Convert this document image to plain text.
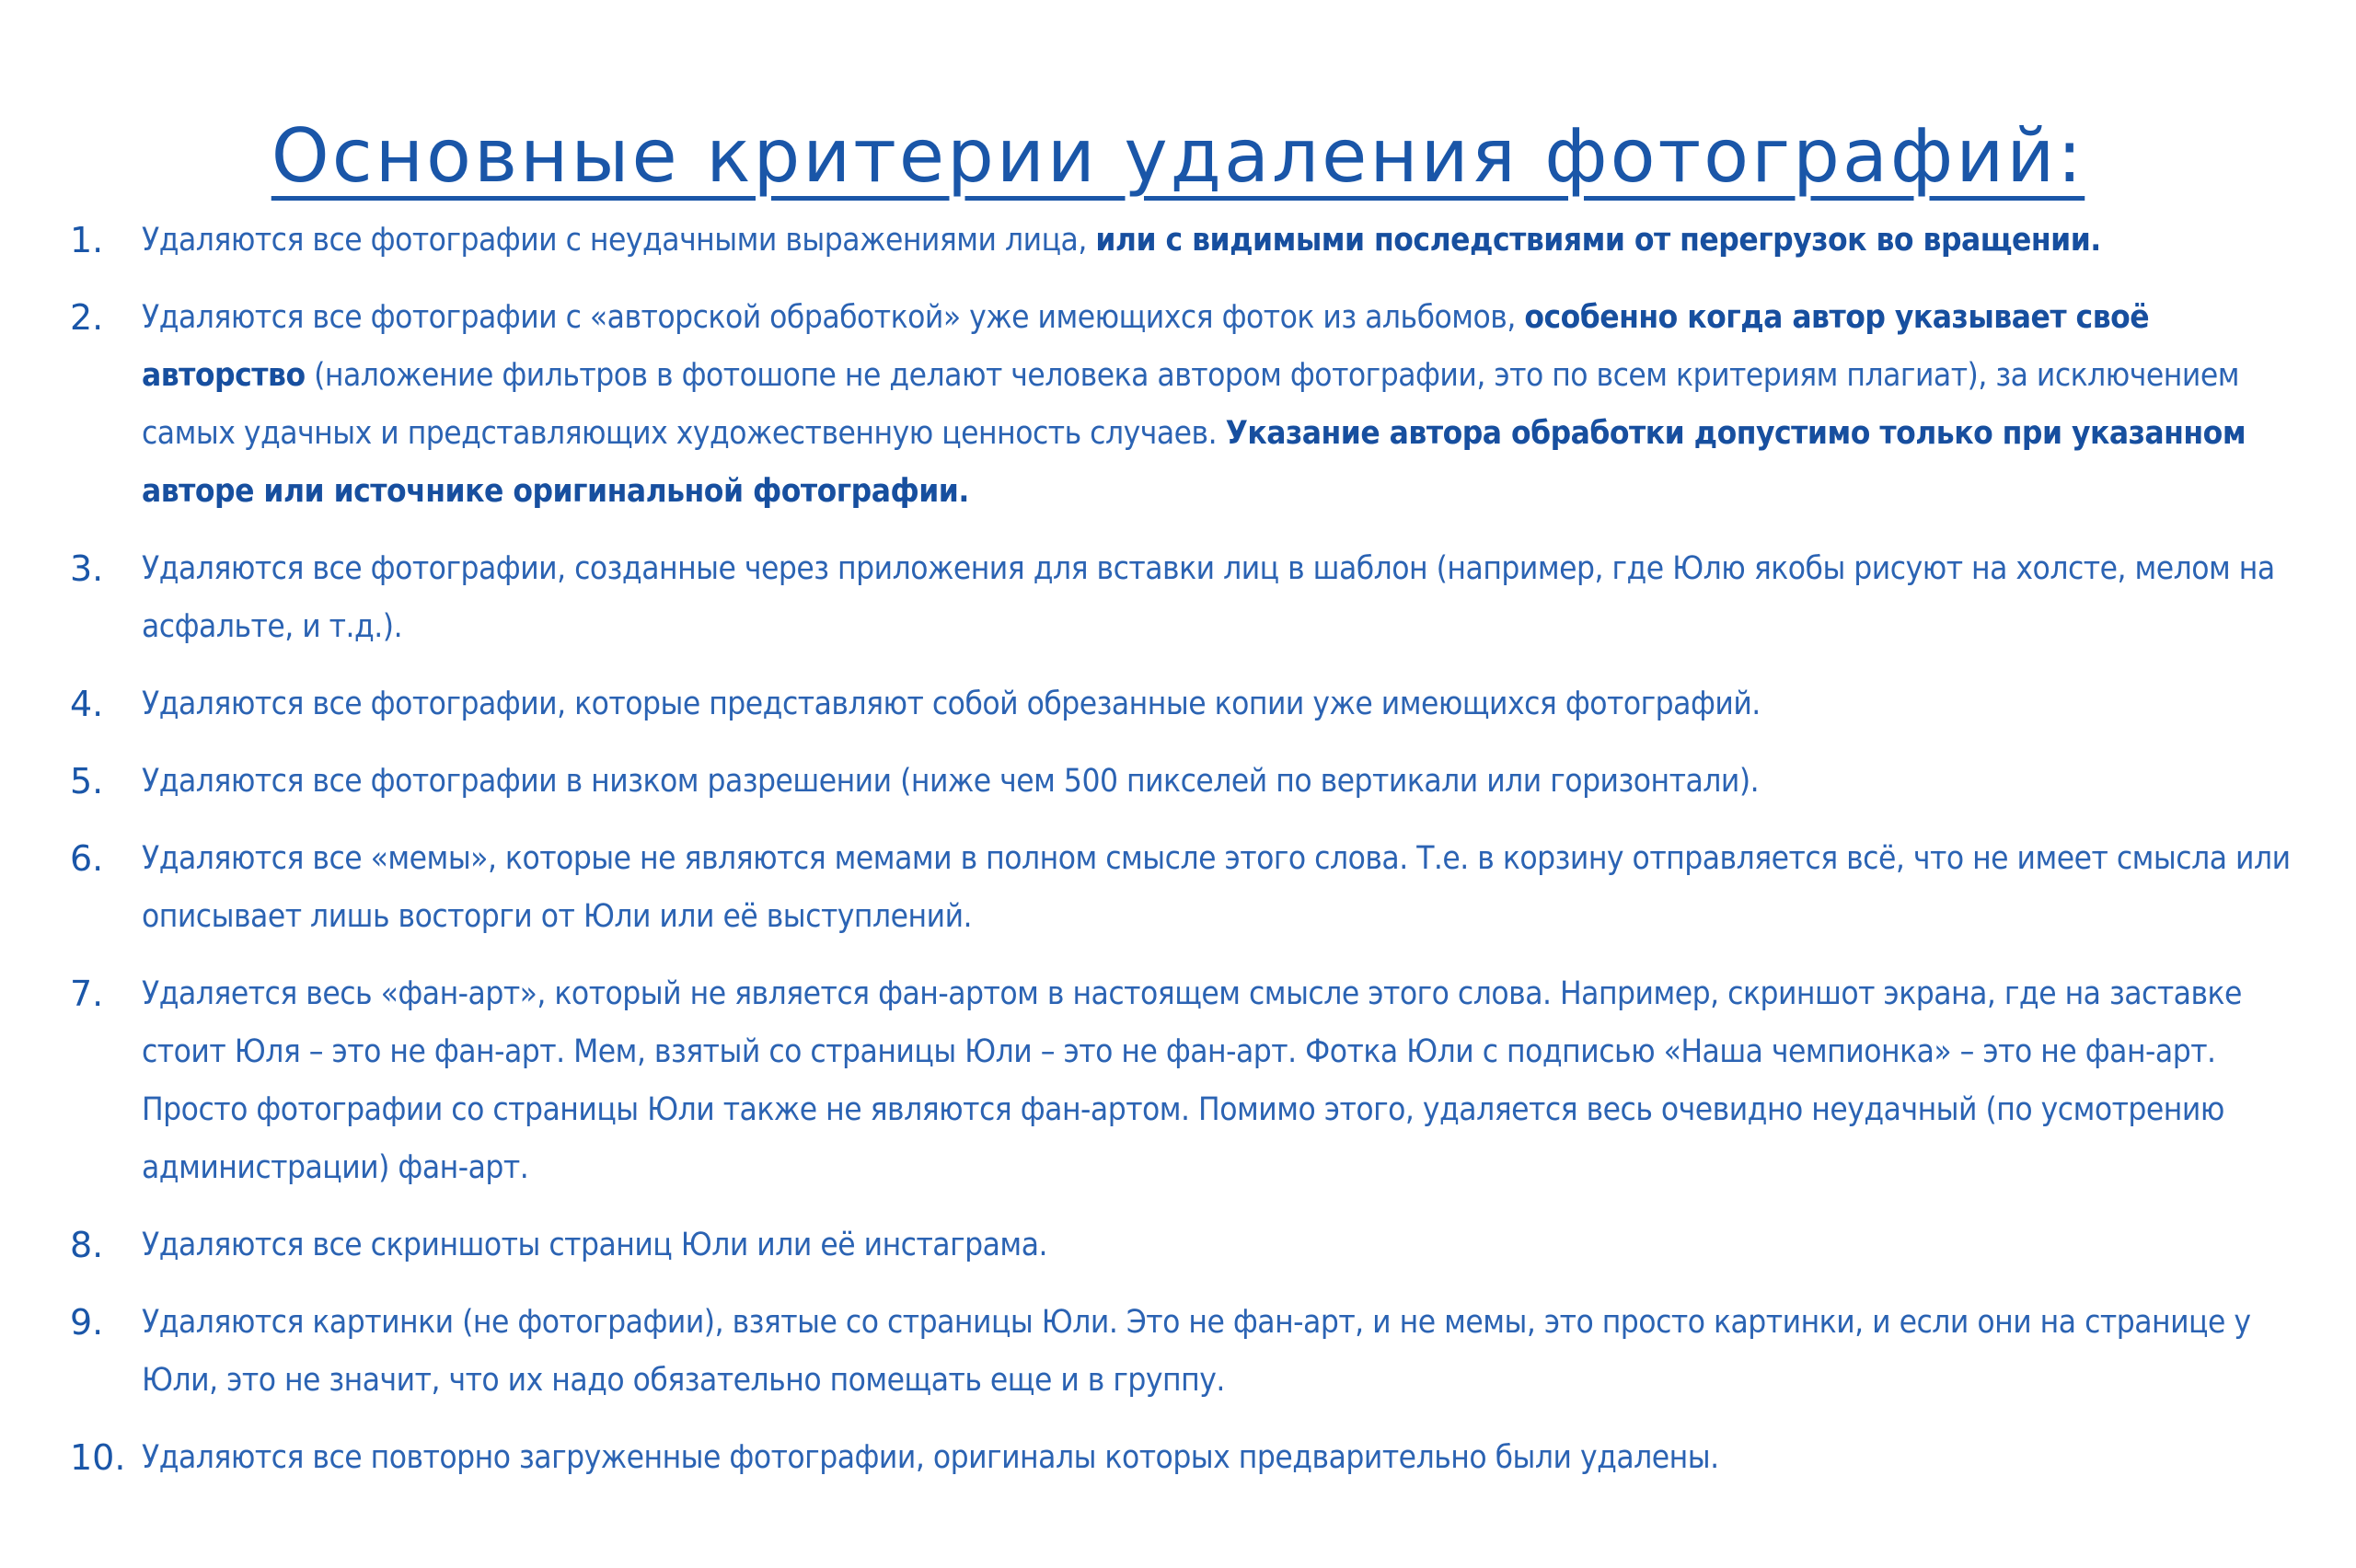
Основные критерии удаления фотографий:
1.	Удаляются все фотографии с неудачными выражениями лица, или с видимыми последствиями от перегрузок во вращении.
2.	Удаляются все фотографии с «авторской обработкой» уже имеющихся фоток из альбомов, особенно когда автор указывает своё авторство (наложение фильтров в фотошопе не делают человека автором фотографии, это по всем критериям плагиат), за исключением самых удачных и представляющих художественную ценность случаев. Указание автора обработки допустимо только при указанном авторе или источнике оригинальной фотографии.
3.	Удаляются все фотографии, созданные через приложения для вставки лиц в шаблон (например, где Юлю якобы рисуют на холсте, мелом на асфальте, и т.д.).
4.	Удаляются все фотографии, которые представляют собой обрезанные копии уже имеющихся фотографий.
5.	Удаляются все фотографии в низком разрешении (ниже чем 500 пикселей по вертикали или горизонтали).
6.	Удаляются все «мемы», которые не являются мемами в полном смысле этого слова. Т.е. в корзину отправляется всё, что не имеет смысла или описывает лишь восторги от Юли или её выступлений.
7.	Удаляется весь «фан-арт», который не является фан-артом в настоящем смысле этого слова. Например, скриншот экрана, где на заставке стоит Юля – это не фан-арт. Мем, взятый со страницы Юли – это не фан-арт. Фотка Юли с подписью «Наша чемпионка» – это не фан-арт. Просто фотографии со страницы Юли также не являются фан-артом. Помимо этого, удаляется весь очевидно неудачный (по усмотрению администрации) фан-арт.
8.	Удаляются все скриншоты страниц Юли или её инстаграма.
9.	Удаляются картинки (не фотографии), взятые со страницы Юли. Это не фан-арт, и не мемы, это просто картинки, и если они на странице у Юли, это не значит, что их надо обязательно помещать еще и в группу.
10. Удаляются все повторно загруженные фотографии, оригиналы которых предварительно были удалены.
